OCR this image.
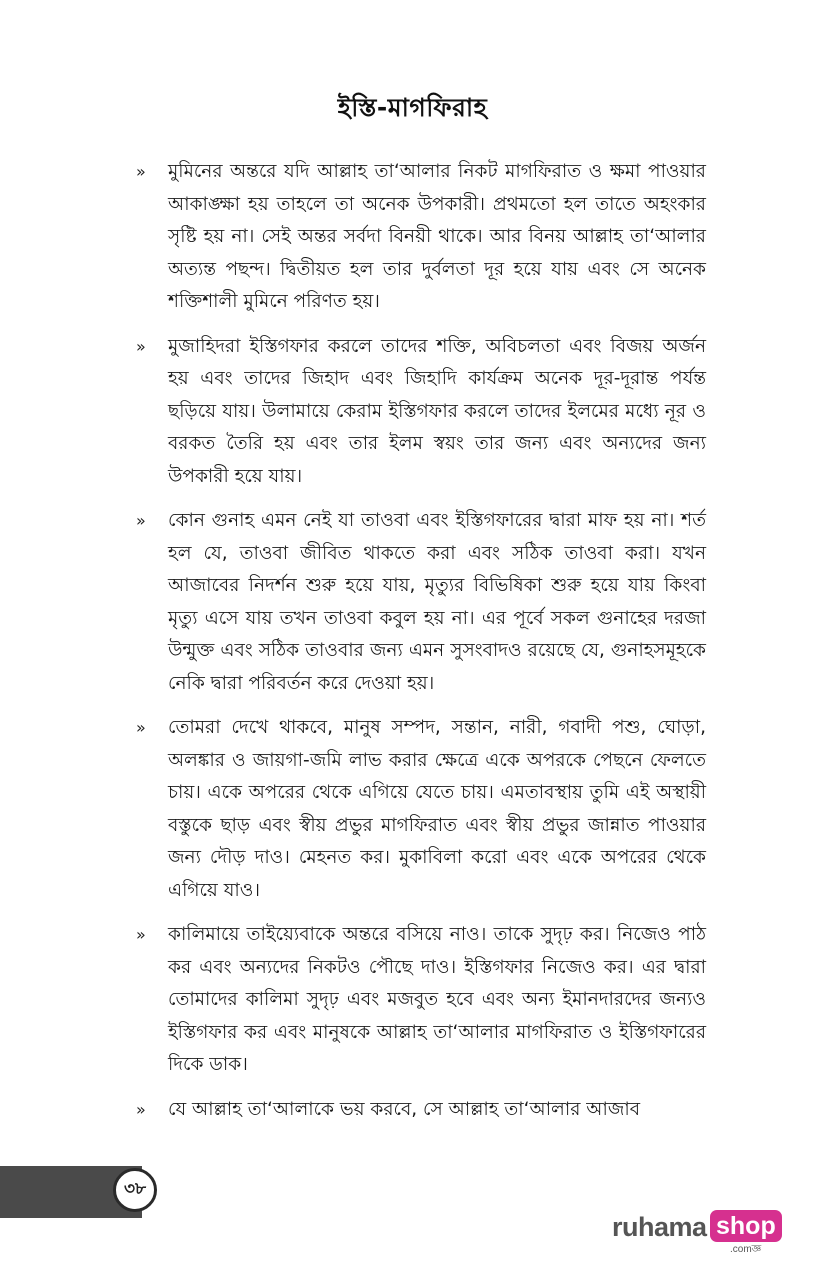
ইস্তি-মাগফিরাহ
»	মুমিনের অন্তরে যদি আল্লাহ তা‘আলার নিকট মাগফিরাত ও ক্ষমা পাওয়ার আকাঙ্ক্ষা হয় তাহলে তা অনেক উপকারী। প্রথমতো হল তাতে অহংকার সৃষ্টি হয় না। সেই অন্তর সর্বদা বিনয়ী থাকে। আর বিনয় আল্লাহ তা‘আলার অত্যন্ত পছন্দ। দ্বিতীয়ত হল তার দুর্বলতা দূর হয়ে যায় এবং সে অনেক শক্তিশালী মুমিনে পরিণত হয়।
»	মুজাহিদরা ইস্তিগফার করলে তাদের শক্তি, অবিচলতা এবং বিজয় অর্জন হয় এবং তাদের জিহাদ এবং জিহাদি কার্যক্রম অনেক দূর-দূরান্ত পর্যন্ত ছড়িয়ে যায়। উলামায়ে কেরাম ইস্তিগফার করলে তাদের ইলমের মধ্যে নূর ও বরকত তৈরি হয় এবং তার ইলম স্বয়ং তার জন্য এবং অন্যদের জন্য উপকারী হয়ে যায়।
»	কোন গুনাহ এমন নেই যা তাওবা এবং ইস্তিগফারের দ্বারা মাফ হয় না। শর্ত হল যে, তাওবা জীবিত থাকতে করা এবং সঠিক তাওবা করা। যখন আজাবের নিদর্শন শুরু হয়ে যায়, মৃত্যুর বিভিষিকা শুরু হয়ে যায় কিংবা মৃত্যু এসে যায় তখন তাওবা কবুল হয় না। এর পূর্বে সকল গুনাহের দরজা উন্মুক্ত এবং সঠিক তাওবার জন্য এমন সুসংবাদও রয়েছে যে, গুনাহসমূহকে নেকি দ্বারা পরিবর্তন করে দেওয়া হয়।
»	তোমরা দেখে থাকবে, মানুষ সম্পদ, সন্তান, নারী, গবাদী পশু, ঘোড়া, অলঙ্কার ও জায়গা-জমি লাভ করার ক্ষেত্রে একে অপরকে পেছনে ফেলতে চায়। একে অপরের থেকে এগিয়ে যেতে চায়। এমতাবস্থায় তুমি এই অস্থায়ী বস্তুকে ছাড় এবং স্বীয় প্রভুর মাগফিরাত এবং স্বীয় প্রভুর জান্নাত পাওয়ার জন্য দৌড় দাও। মেহনত কর। মুকাবিলা করো এবং একে অপরের থেকে এগিয়ে যাও।
»	কালিমায়ে তাইয়্যেবাকে অন্তরে বসিয়ে নাও। তাকে সুদৃঢ় কর। নিজেও পাঠ কর এবং অন্যদের নিকটও পৌছে দাও। ইস্তিগফার নিজেও কর। এর দ্বারা তোমাদের কালিমা সুদৃঢ় এবং মজবুত হবে এবং অন্য ইমানদারদের জন্যও ইস্তিগফার কর এবং মানুষকে আল্লাহ তা‘আলার মাগফিরাত ও ইস্তিগফারের দিকে ডাক।
»	যে আল্লাহ তা‘আলাকে ভয় করবে, সে আল্লাহ তা‘আলার আজাব
৩৮
ruhama shop
.comজ্ঞ
